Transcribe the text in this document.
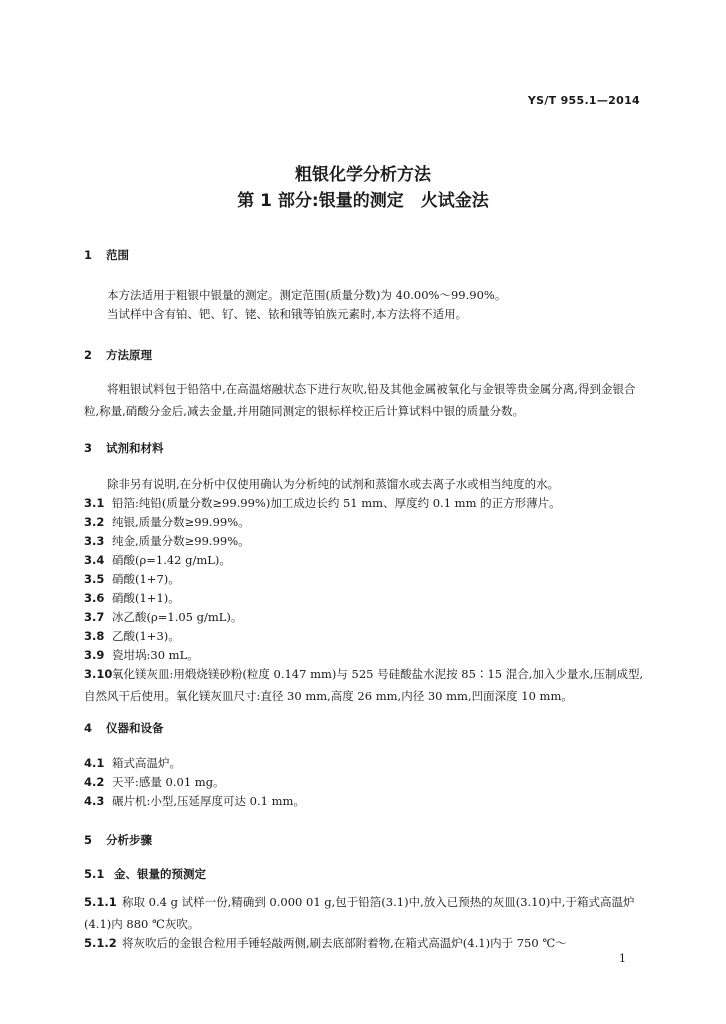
YS/T 955.1—2014
粗银化学分析方法
第 1 部分:银量的测定　火试金法
1 范围
本方法适用于粗银中银量的测定。测定范围(质量分数)为 40.00%～99.90%。
当试样中含有铂、钯、钌、铑、铱和锇等铂族元素时,本方法将不适用。
2 方法原理
将粗银试料包于铅箔中,在高温熔融状态下进行灰吹,铅及其他金属被氧化与金银等贵金属分离,得到金银合粒,称量,硝酸分金后,减去金量,并用随同测定的银标样校正后计算试料中银的质量分数。
3 试剂和材料
除非另有说明,在分析中仅使用确认为分析纯的试剂和蒸馏水或去离子水或相当纯度的水。
3.1 铅箔:纯铅(质量分数≥99.99%)加工成边长约 51 mm、厚度约 0.1 mm 的正方形薄片。
3.2 纯银,质量分数≥99.99%。
3.3 纯金,质量分数≥99.99%。
3.4 硝酸(ρ=1.42 g/mL)。
3.5 硝酸(1+7)。
3.6 硝酸(1+1)。
3.7 冰乙酸(ρ=1.05 g/mL)。
3.8 乙酸(1+3)。
3.9 瓷坩埚:30 mL。
3.10氧化镁灰皿:用煅烧镁砂粉(粒度 0.147 mm)与 525 号硅酸盐水泥按 85∶15 混合,加入少量水,压制成型,自然风干后使用。氧化镁灰皿尺寸:直径 30 mm,高度 26 mm,内径 30 mm,凹面深度 10 mm。
4 仪器和设备
4.1 箱式高温炉。
4.2 天平:感量 0.01 mg。
4.3 碾片机:小型,压延厚度可达 0.1 mm。
5 分析步骤
5.1 金、银量的预测定
5.1.1 称取 0.4 g 试样一份,精确到 0.000 01 g,包于铅箔(3.1)中,放入已预热的灰皿(3.10)中,于箱式高温炉(4.1)内 880 ℃灰吹。
5.1.2 将灰吹后的金银合粒用手锤轻敲两侧,刷去底部附着物,在箱式高温炉(4.1)内于 750 ℃～
1
